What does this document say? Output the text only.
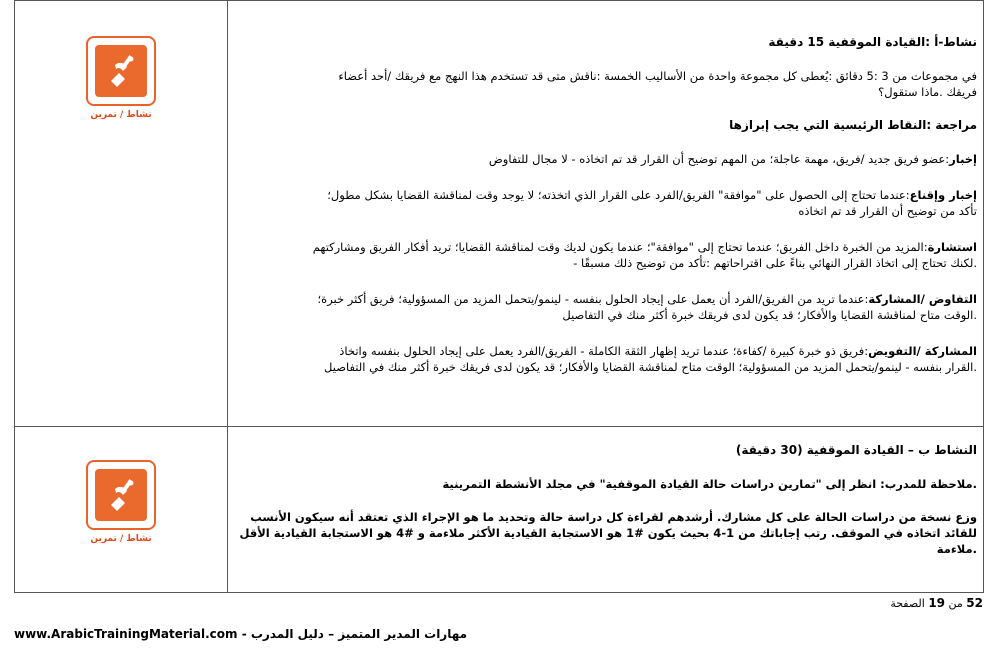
نشاط / تمرين
نشاط / تمرين

نشاط-أ :القيادة الموقفية 15 دقيقة

في مجموعات من 3 :5 دقائق :يُعطى كل مجموعة واحدة من الأساليب الخمسة :ناقش متى قد تستخدم هذا النهج مع فريقك /أحد أعضاء

فريقك .ماذا ستقول؟

مراجعة :النقاط الرئيسية التي يجب إبرازها

إخبار:عضو فريق جديد /فريق، مهمة عاجلة؛ من المهم توضيح أن القرار قد تم اتخاذه - لا مجال للتفاوض

إخبار وإقناع:عندما تحتاج إلى الحصول على "موافقة" الفريق/الفرد على القرار الذي اتخذته؛ لا يوجد وقت لمناقشة القضايا بشكل مطول؛

تأكد من توضيح أن القرار قد تم اتخاذه

استشارة:المزيد من الخبرة داخل الفريق؛ عندما تحتاج إلى "موافقة"؛ عندما يكون لديك وقت لمناقشة القضايا؛ تريد أفكار الفريق ومشاركتهم

.لكنك تحتاج إلى اتخاذ القرار النهائي بناءً على اقتراحاتهم :تأكد من توضيح ذلك مسبقًا -

التفاوض /المشاركة:عندما تريد من الفريق/الفرد أن يعمل على إيجاد الحلول بنفسه - لينمو/يتحمل المزيد من المسؤولية؛ فريق أكثر خبرة؛

.الوقت متاح لمناقشة القضايا والأفكار؛ قد يكون لدى فريقك خبرة أكثر منك في التفاصيل

المشاركة /التفويض:فريق ذو خبرة كبيرة /كفاءة؛ عندما تريد إظهار الثقة الكاملة - الفريق/الفرد يعمل على إيجاد الحلول بنفسه واتخاذ

.القرار بنفسه - لينمو/يتحمل المزيد من المسؤولية؛ الوقت متاح لمناقشة القضايا والأفكار؛ قد يكون لدى فريقك خبرة أكثر منك في التفاصيل

النشاط ب – القيادة الموقفية (30 دقيقة)

.ملاحظة للمدرب: انظر إلى "تمارين دراسات حالة القيادة الموقفية" في مجلد الأنشطة التمرينية

وزع نسخة من دراسات الحالة على كل مشارك. أرشدهم لقراءة كل دراسة حالة وتحديد ما هو الإجراء الذي تعتقد أنه سيكون الأنسب

للقائد اتخاذه في الموقف. رتب إجاباتك من 1-4 بحيث يكون #1 هو الاستجابة القيادية الأكثر ملاءمة و #4 هو الاستجابة القيادية الأقل

.ملاءمة

52 من 19 الصفحة
www.ArabicTrainingMaterial.com - مهارات المدير المتميز – دليل المدرب
